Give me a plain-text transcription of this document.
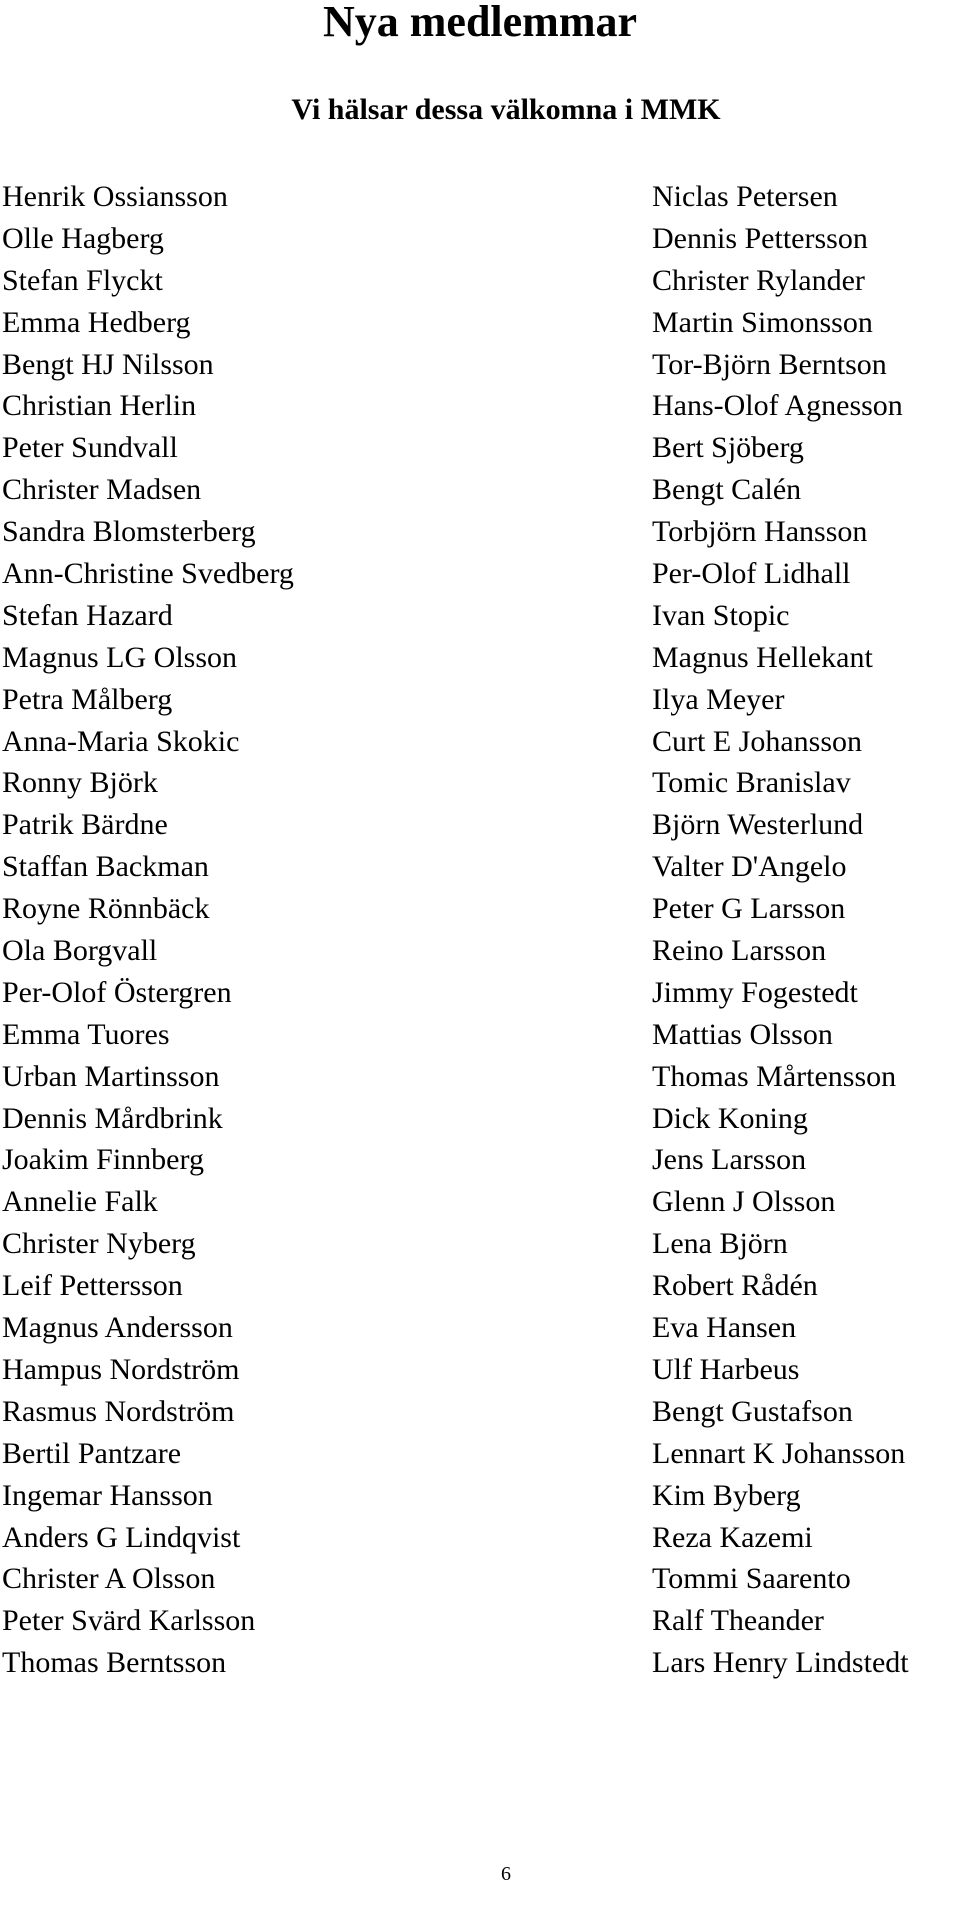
Nya medlemmar
Vi hälsar dessa välkomna i MMK
Henrik Ossiansson
Olle Hagberg
Stefan Flyckt
Emma Hedberg
Bengt HJ Nilsson
Christian Herlin
Peter Sundvall
Christer Madsen
Sandra Blomsterberg
Ann-Christine Svedberg
Stefan Hazard
Magnus LG Olsson
Petra Målberg
Anna-Maria Skokic
Ronny Björk
Patrik Bärdne
Staffan Backman
Royne Rönnbäck
Ola Borgvall
Per-Olof Östergren
Emma Tuores
Urban Martinsson
Dennis Mårdbrink
Joakim Finnberg
Annelie Falk
Christer Nyberg
Leif Pettersson
Magnus Andersson
Hampus Nordström
Rasmus Nordström
Bertil Pantzare
Ingemar Hansson
Anders G Lindqvist
Christer A Olsson
Peter Svärd Karlsson
Thomas Berntsson
Niclas Petersen
Dennis Pettersson
Christer Rylander
Martin Simonsson
Tor-Björn Berntson
Hans-Olof Agnesson
Bert Sjöberg
Bengt Calén
Torbjörn Hansson
Per-Olof Lidhall
Ivan Stopic
Magnus Hellekant
Ilya Meyer
Curt E Johansson
Tomic Branislav
Björn Westerlund
Valter D'Angelo
Peter G Larsson
Reino Larsson
Jimmy Fogestedt
Mattias Olsson
Thomas Mårtensson
Dick Koning
Jens Larsson
Glenn J Olsson
Lena Björn
Robert Rådén
Eva Hansen
Ulf Harbeus
Bengt Gustafson
Lennart K Johansson
Kim Byberg
Reza Kazemi
Tommi Saarento
Ralf Theander
Lars Henry Lindstedt
6
